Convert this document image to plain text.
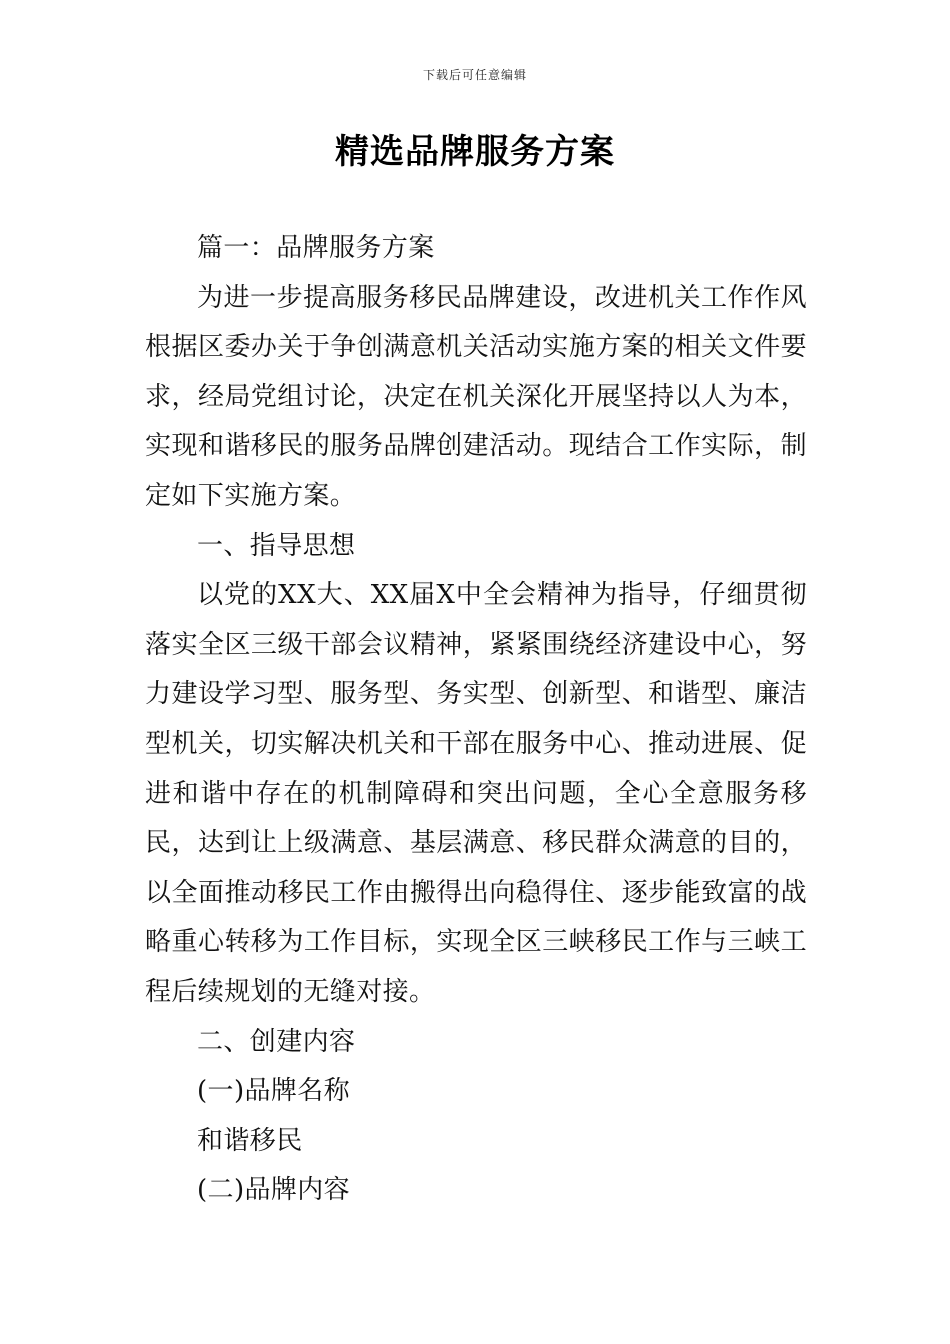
下载后可任意编辑
精选品牌服务方案

篇一：品牌服务方案

为进一步提高服务移民品牌建设，改进机关工作作风根据区委办关于争创满意机关活动实施方案的相关文件要求，经局党组讨论，决定在机关深化开展坚持以人为本，实现和谐移民的服务品牌创建活动。现结合工作实际，制定如下实施方案。

一、指导思想

以党的XX大、XX届X中全会精神为指导，仔细贯彻落实全区三级干部会议精神，紧紧围绕经济建设中心，努力建设学习型、服务型、务实型、创新型、和谐型、廉洁型机关，切实解决机关和干部在服务中心、推动进展、促进和谐中存在的机制障碍和突出问题，全心全意服务移民，达到让上级满意、基层满意、移民群众满意的目的，以全面推动移民工作由搬得出向稳得住、逐步能致富的战略重心转移为工作目标，实现全区三峡移民工作与三峡工程后续规划的无缝对接。

二、创建内容

(一)品牌名称

和谐移民

(二)品牌内容
